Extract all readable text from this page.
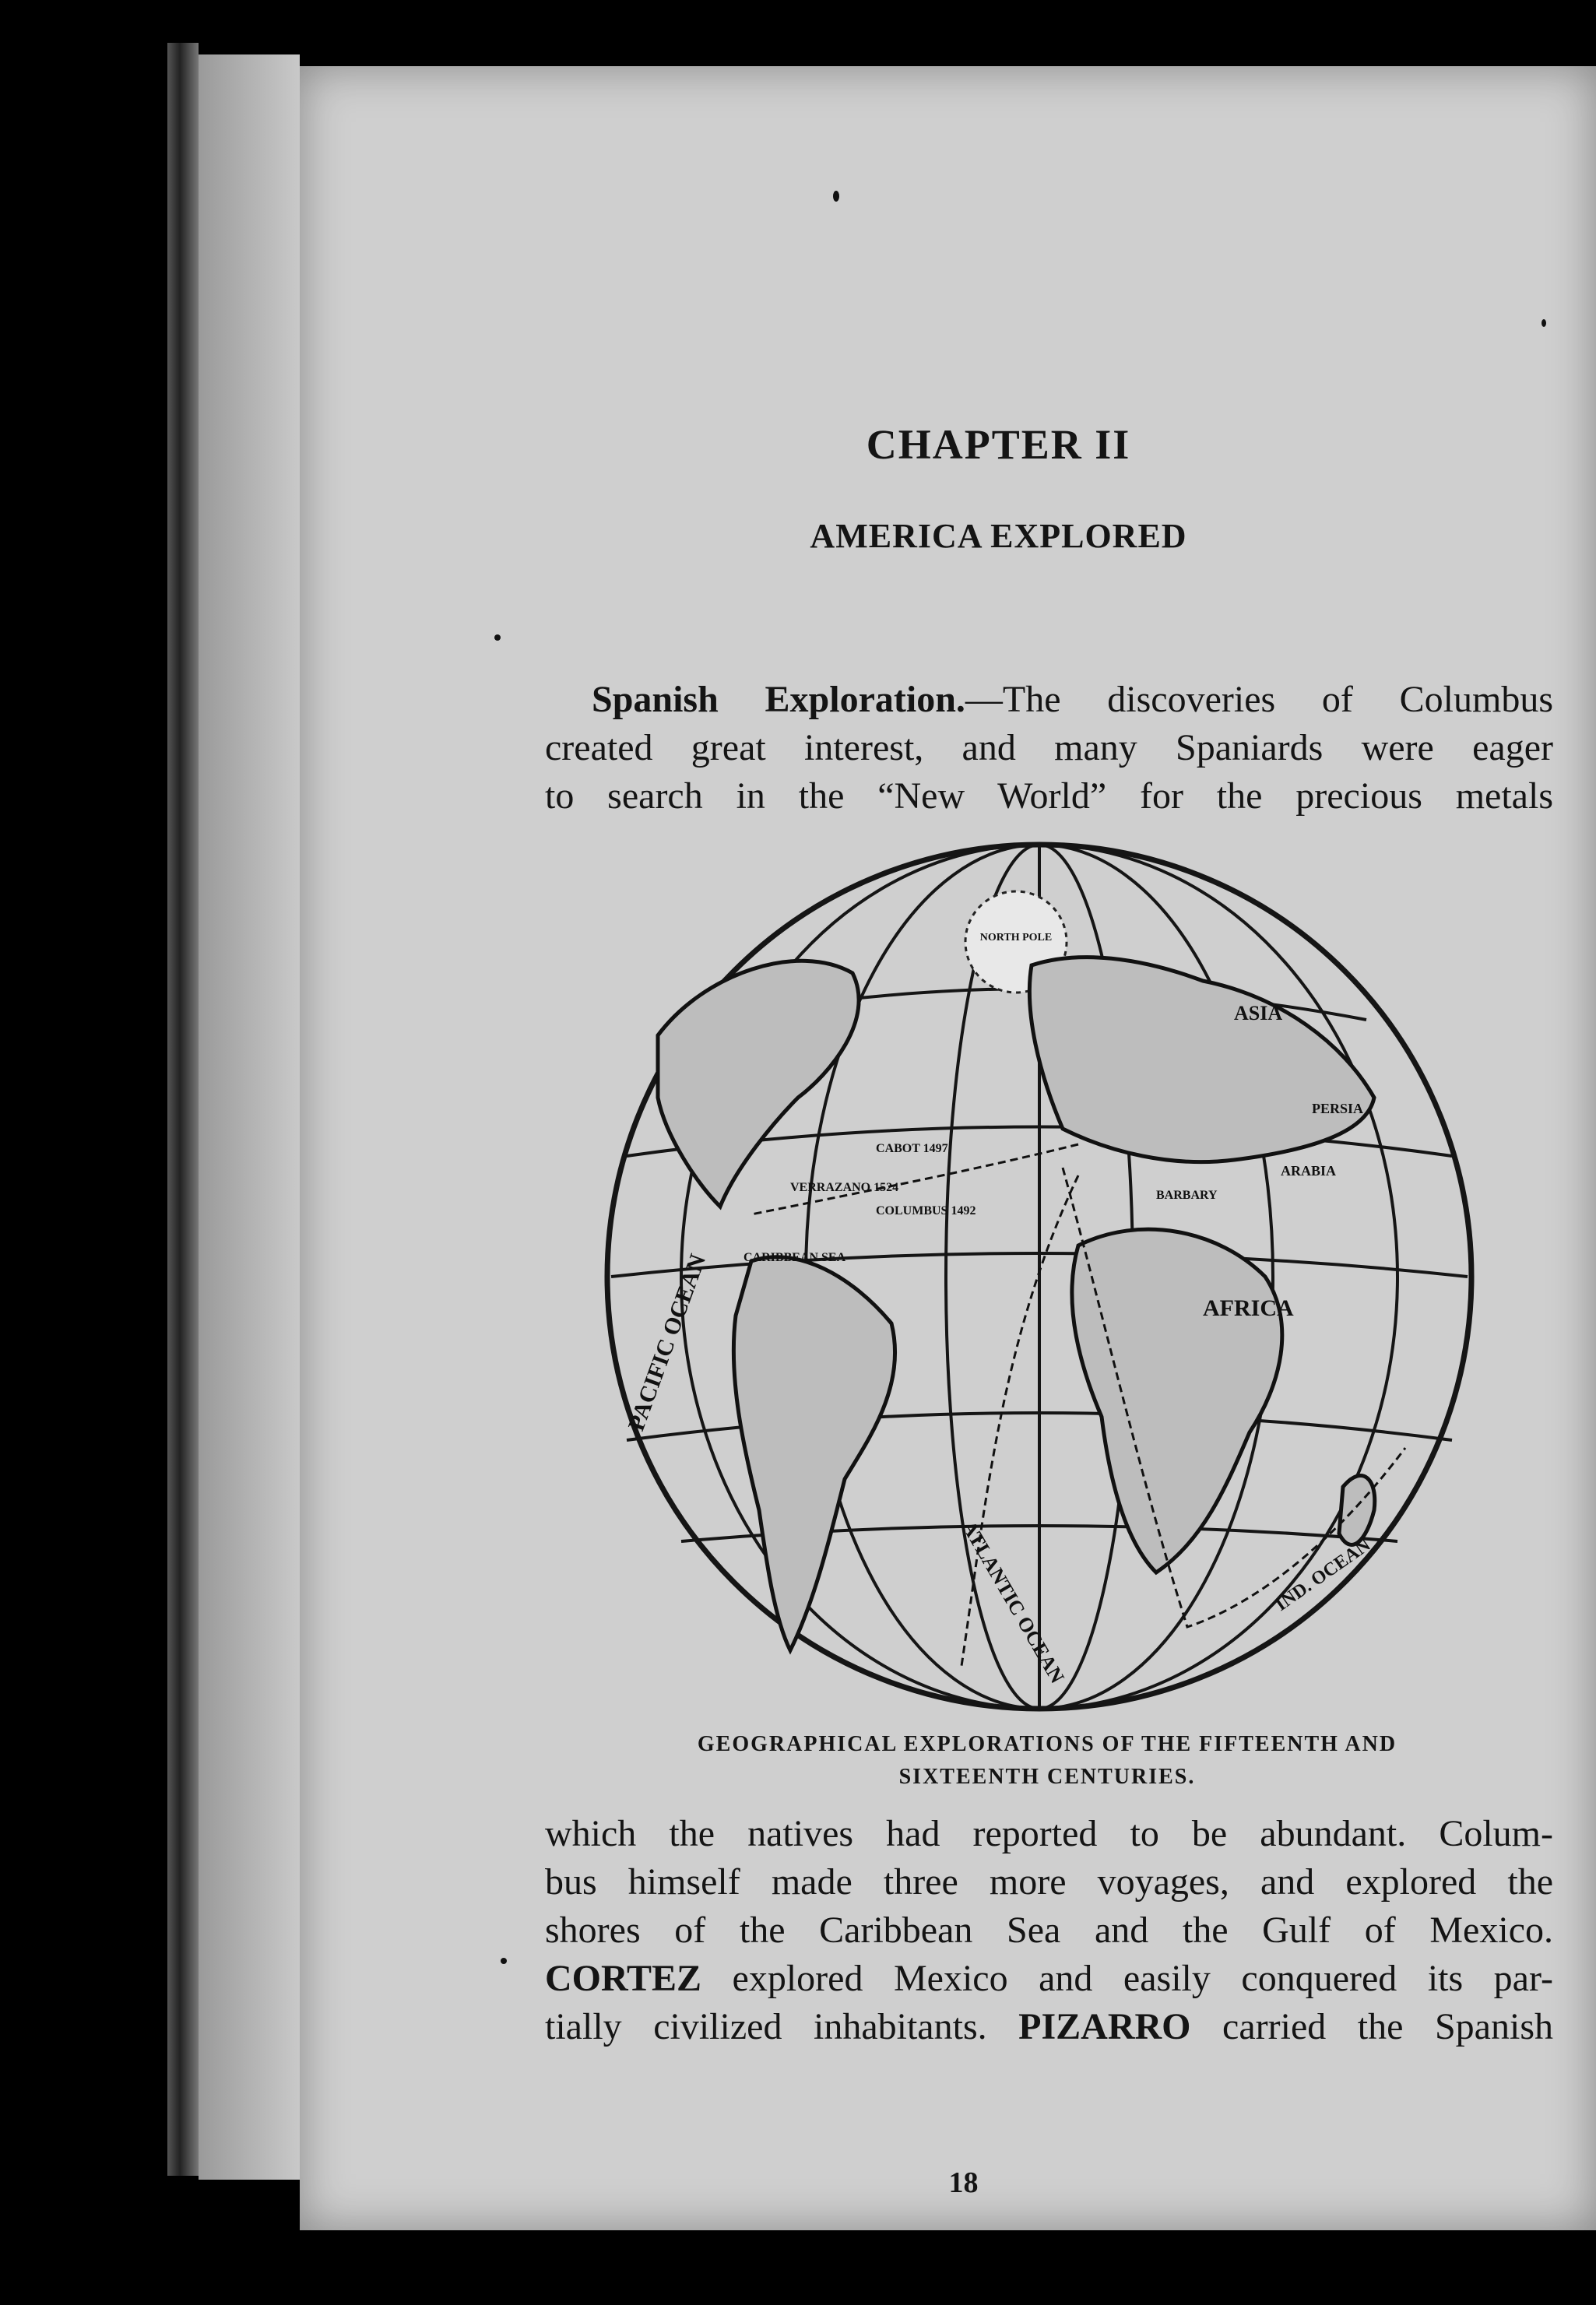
CHAPTER II
AMERICA EXPLORED
Spanish Exploration.—The discoveries of Columbus
created great interest, and many Spaniards were eager
to search in the “New World” for the precious metals
NORTH POLE
ASIA
PERSIA
ARABIA
BARBARY
AFRICA
CABOT 1497
VERRAZANO 1524
COLUMBUS 1492
CARIBBEAN SEA
PACIFIC OCEAN
ATLANTIC OCEAN	IND. OCEAN
GEOGRAPHICAL EXPLORATIONS OF THE FIFTEENTH AND
SIXTEENTH CENTURIES.
which the natives had reported to be abundant. Colum-
bus himself made three more voyages, and explored the
shores of the Caribbean Sea and the Gulf of Mexico.
CORTEZ explored Mexico and easily conquered its par-
tially civilized inhabitants. PIZARRO carried the Spanish
18
